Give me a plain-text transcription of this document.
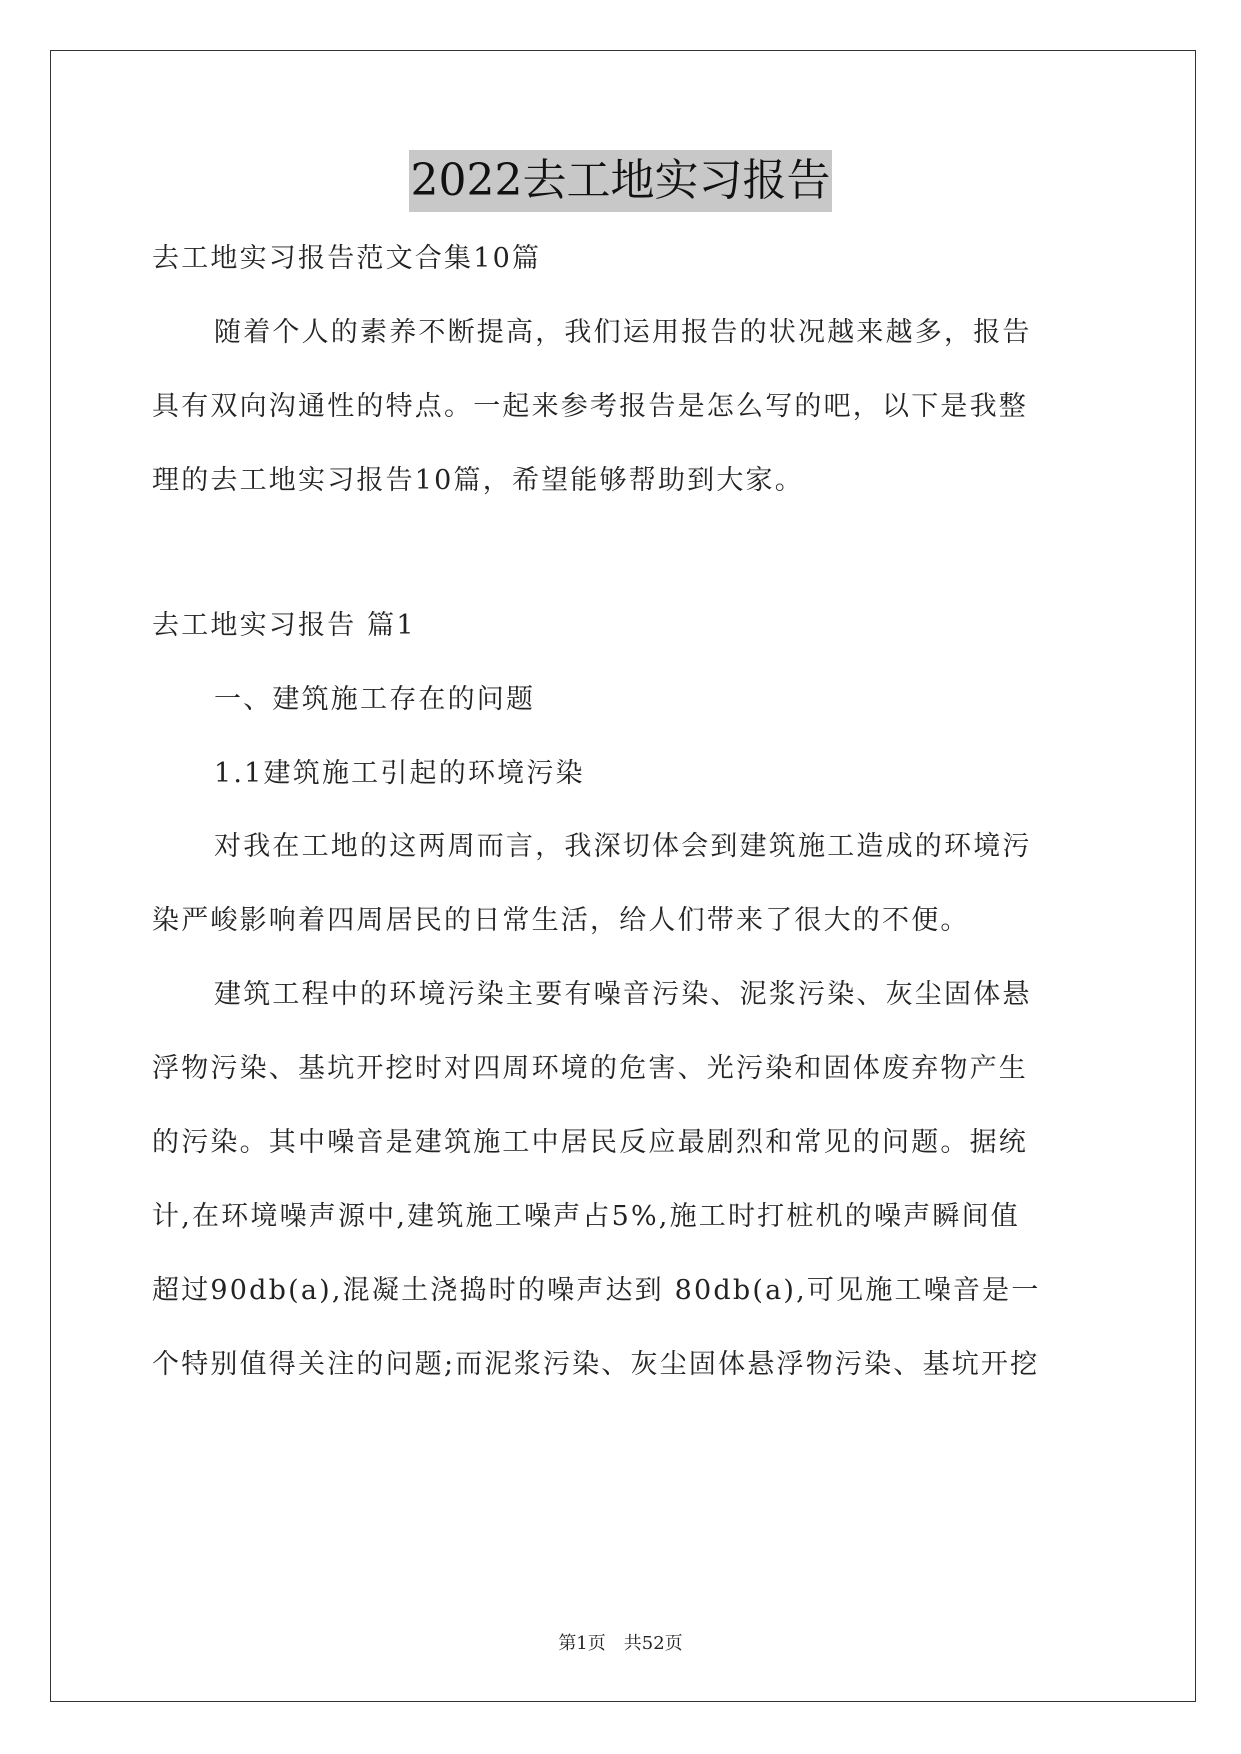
2022去工地实习报告
去工地实习报告范文合集10篇
随着个人的素养不断提高，我们运用报告的状况越来越多，报告
具有双向沟通性的特点。一起来参考报告是怎么写的吧，以下是我整
理的去工地实习报告10篇，希望能够帮助到大家。
去工地实习报告 篇1
一、建筑施工存在的问题
1.1建筑施工引起的环境污染
对我在工地的这两周而言，我深切体会到建筑施工造成的环境污
染严峻影响着四周居民的日常生活，给人们带来了很大的不便。
建筑工程中的环境污染主要有噪音污染、泥浆污染、灰尘固体悬
浮物污染、基坑开挖时对四周环境的危害、光污染和固体废弃物产生
的污染。其中噪音是建筑施工中居民反应最剧烈和常见的问题。据统
计,在环境噪声源中,建筑施工噪声占5%,施工时打桩机的噪声瞬间值
超过90db(a),混凝土浇捣时的噪声达到 80db(a),可见施工噪音是一
个特别值得关注的问题;而泥浆污染、灰尘固体悬浮物污染、基坑开挖
第1页　共52页
